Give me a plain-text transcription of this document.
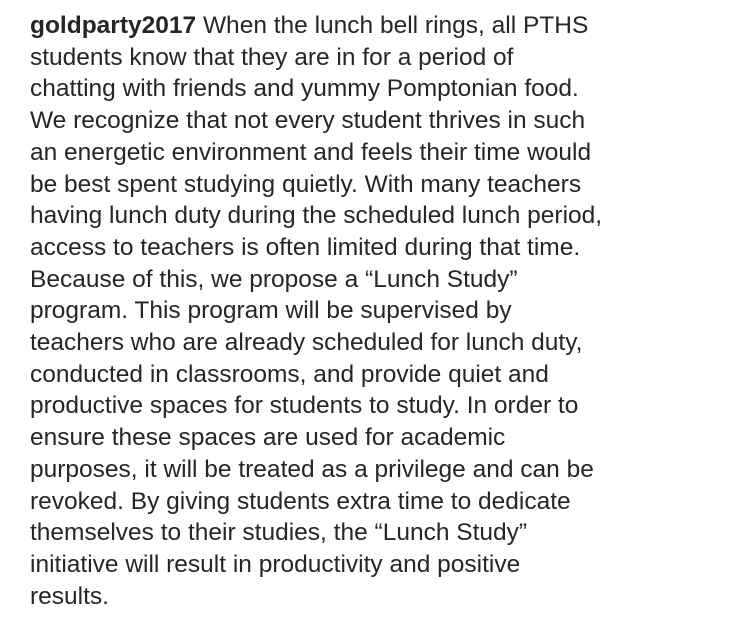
goldparty2017 When the lunch bell rings, all PTHS
students know that they are in for a period of
chatting with friends and yummy Pomptonian food.
We recognize that not every student thrives in such
an energetic environment and feels their time would
be best spent studying quietly. With many teachers
having lunch duty during the scheduled lunch period,
access to teachers is often limited during that time.
Because of this, we propose a “Lunch Study”
program. This program will be supervised by
teachers who are already scheduled for lunch duty,
conducted in classrooms, and provide quiet and
productive spaces for students to study. In order to
ensure these spaces are used for academic
purposes, it will be treated as a privilege and can be
revoked. By giving students extra time to dedicate
themselves to their studies, the “Lunch Study”
initiative will result in productivity and positive
results.
